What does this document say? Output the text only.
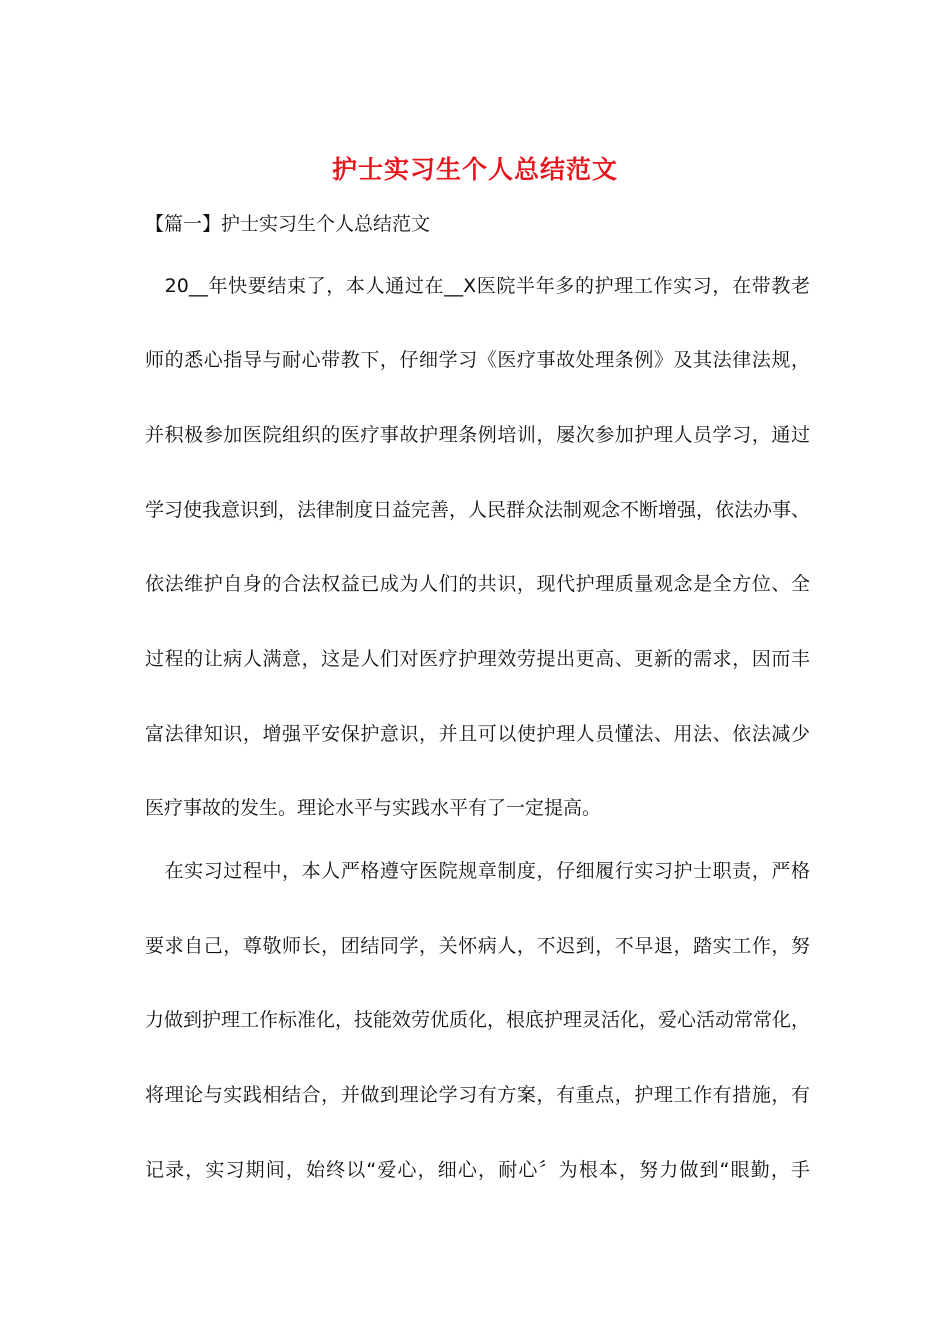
护士实习生个人总结范文
【篇一】护士实习生个人总结范文
　20__年快要结束了，本人通过在__X医院半年多的护理工作实习，在带教老
师的悉心指导与耐心带教下，仔细学习《医疗事故处理条例》及其法律法规，
并积极参加医院组织的医疗事故护理条例培训，屡次参加护理人员学习，通过
学习使我意识到，法律制度日益完善，人民群众法制观念不断增强，依法办事、
依法维护自身的合法权益已成为人们的共识，现代护理质量观念是全方位、全
过程的让病人满意，这是人们对医疗护理效劳提出更高、更新的需求，因而丰
富法律知识，增强平安保护意识，并且可以使护理人员懂法、用法、依法减少
医疗事故的发生。理论水平与实践水平有了一定提高。
　在实习过程中，本人严格遵守医院规章制度，仔细履行实习护士职责，严格
要求自己，尊敬师长，团结同学，关怀病人，不迟到，不早退，踏实工作，努
力做到护理工作标准化，技能效劳优质化，根底护理灵活化，爱心活动常常化，
将理论与实践相结合，并做到理论学习有方案，有重点，护理工作有措施，有
记录，实习期间，始终以“爱心，细心，耐心〞为根本，努力做到“眼勤，手
